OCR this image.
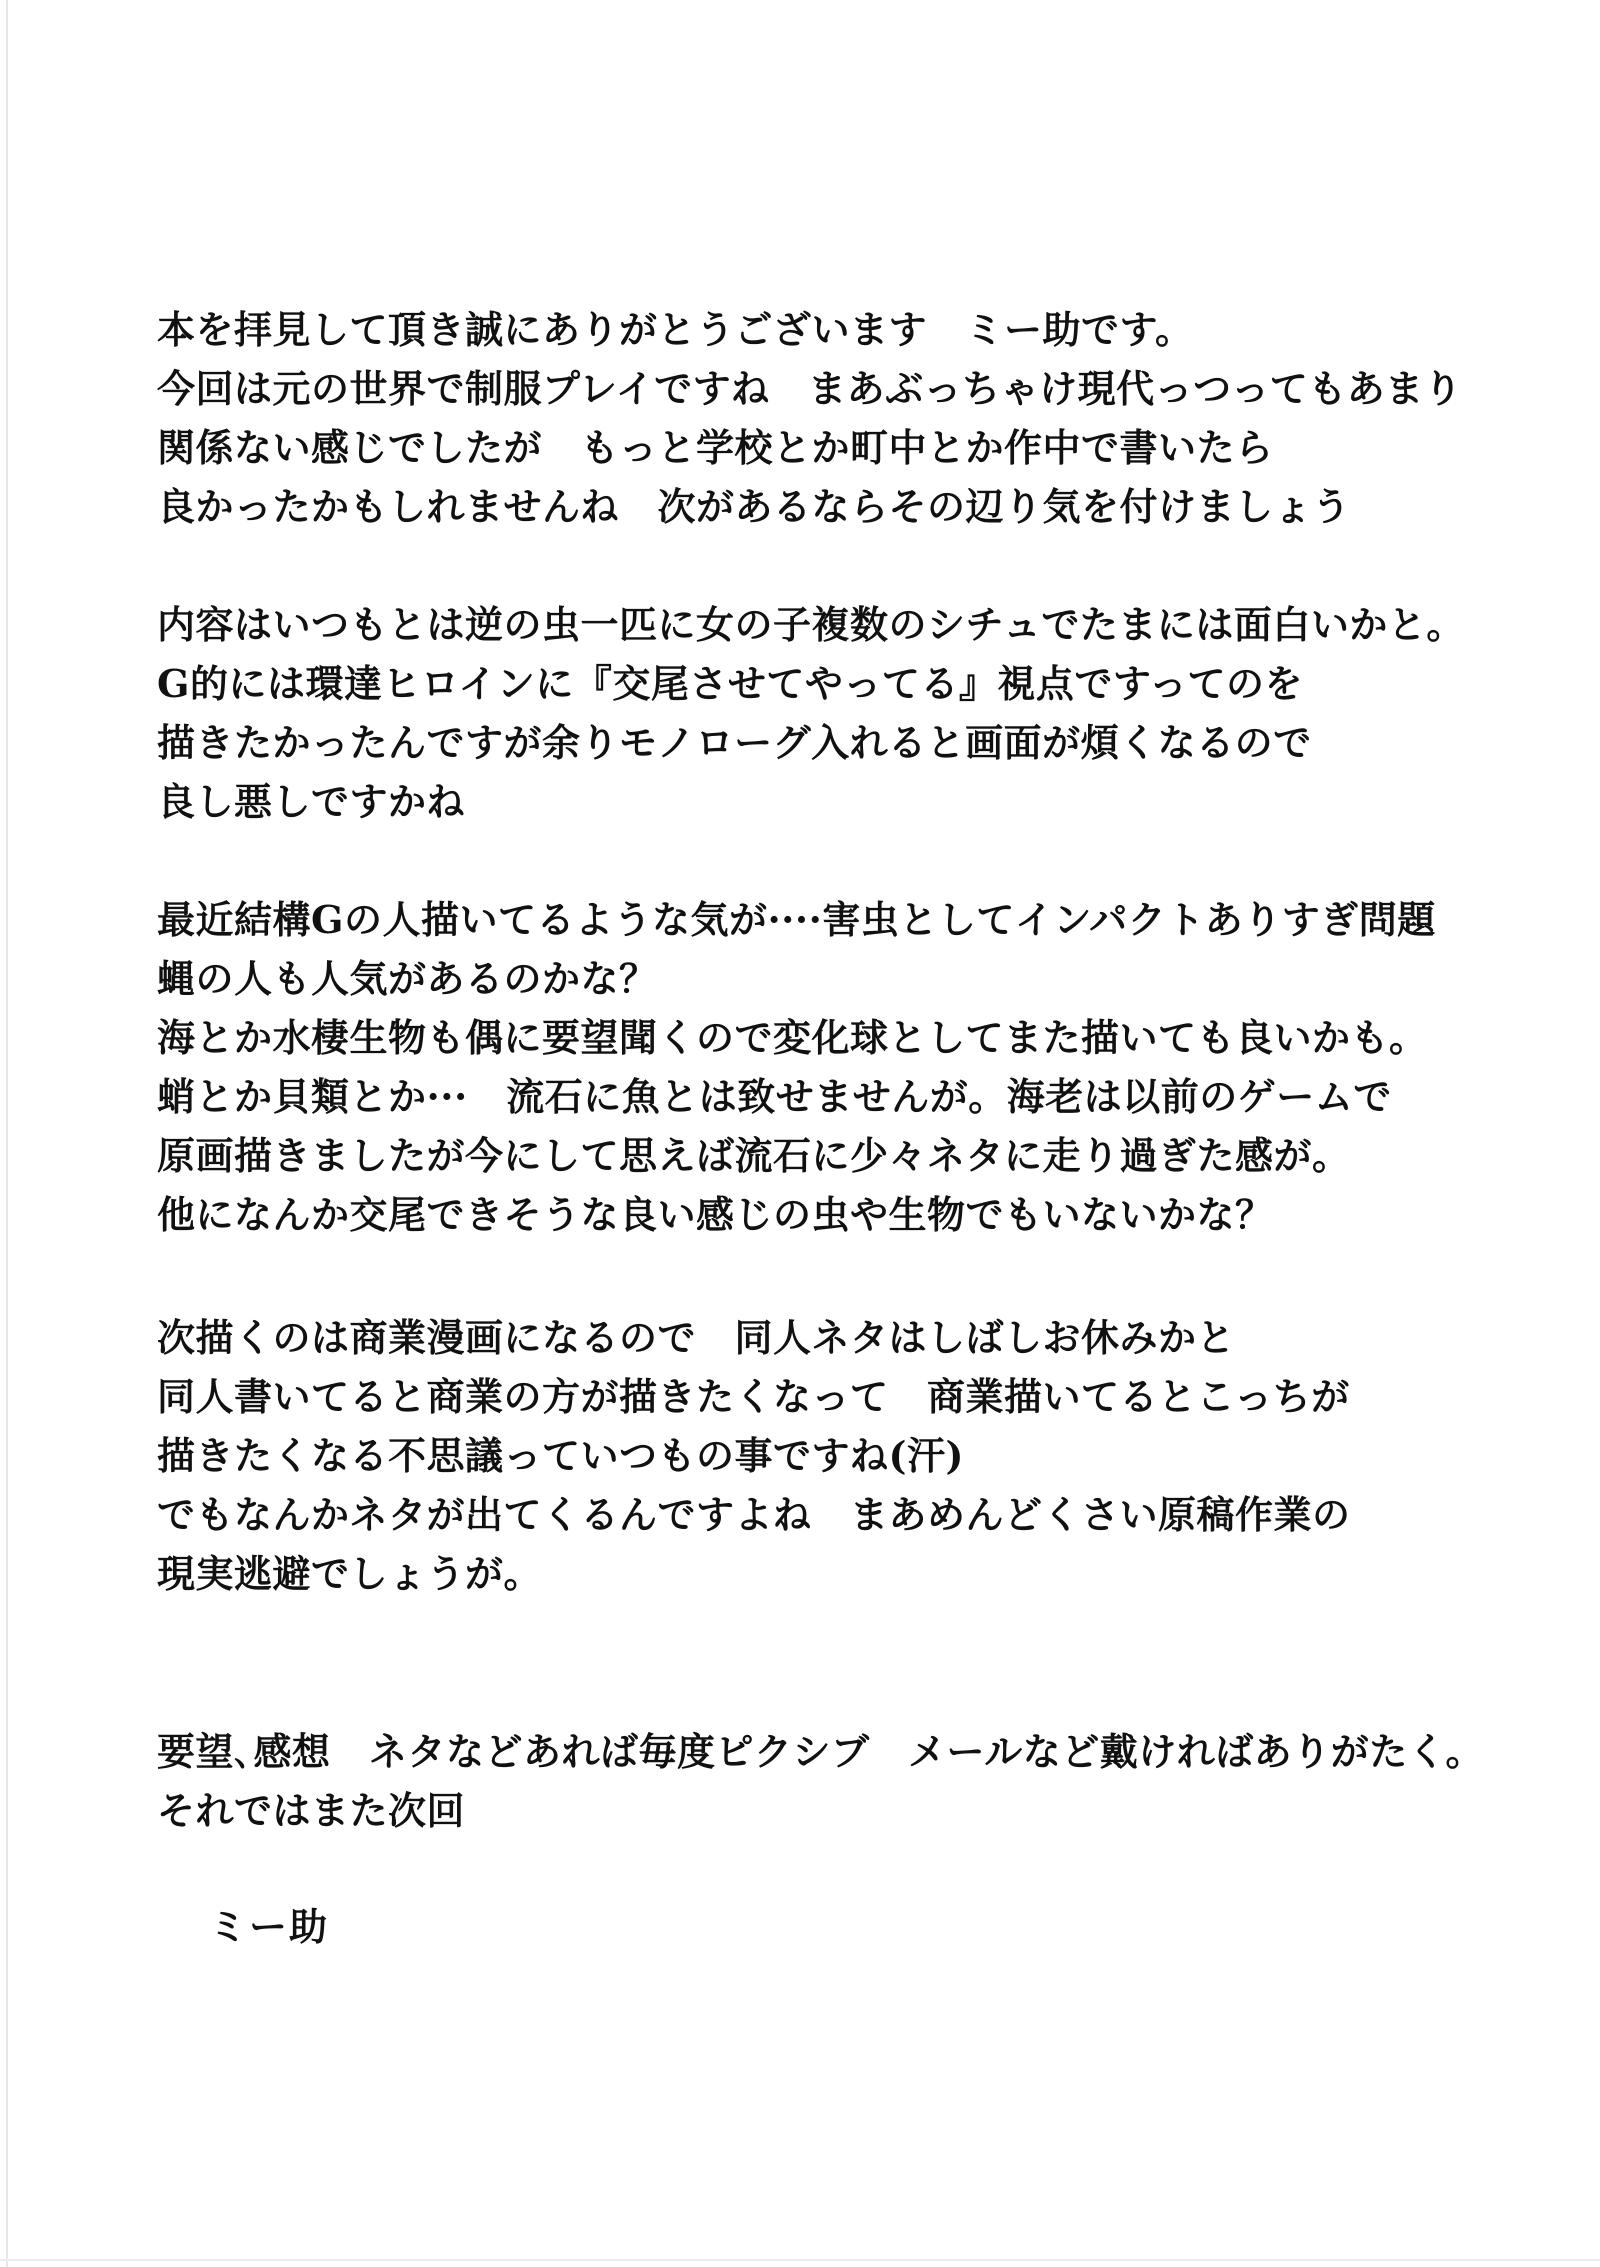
本を拝見して頂き誠にありがとうございます　ミー助です。
今回は元の世界で制服プレイですね　まあぶっちゃけ現代っつってもあまり
関係ない感じでしたが　もっと学校とか町中とか作中で書いたら
良かったかもしれませんね　次があるならその辺り気を付けましょう
内容はいつもとは逆の虫一匹に女の子複数のシチュでたまには面白いかと。
G的には環達ヒロインに『交尾させてやってる』視点ですってのを
描きたかったんですが余りモノローグ入れると画面が煩くなるので
良し悪しですかね
最近結構Gの人描いてるような気が····害虫としてインパクトありすぎ問題
蝿の人も人気があるのかな？
海とか水棲生物も偶に要望聞くので変化球としてまた描いても良いかも。
蛸とか貝類とか···　流石に魚とは致せませんが。海老は以前のゲームで
原画描きましたが今にして思えば流石に少々ネタに走り過ぎた感が。
他になんか交尾できそうな良い感じの虫や生物でもいないかな？
次描くのは商業漫画になるので　同人ネタはしばしお休みかと
同人書いてると商業の方が描きたくなって　商業描いてるとこっちが
描きたくなる不思議っていつもの事ですね(汗)
でもなんかネタが出てくるんですよね　まあめんどくさい原稿作業の
現実逃避でしょうが。
要望､感想　ネタなどあれば毎度ピクシブ　メールなど戴ければありがたく。
それではまた次回
ミー助
